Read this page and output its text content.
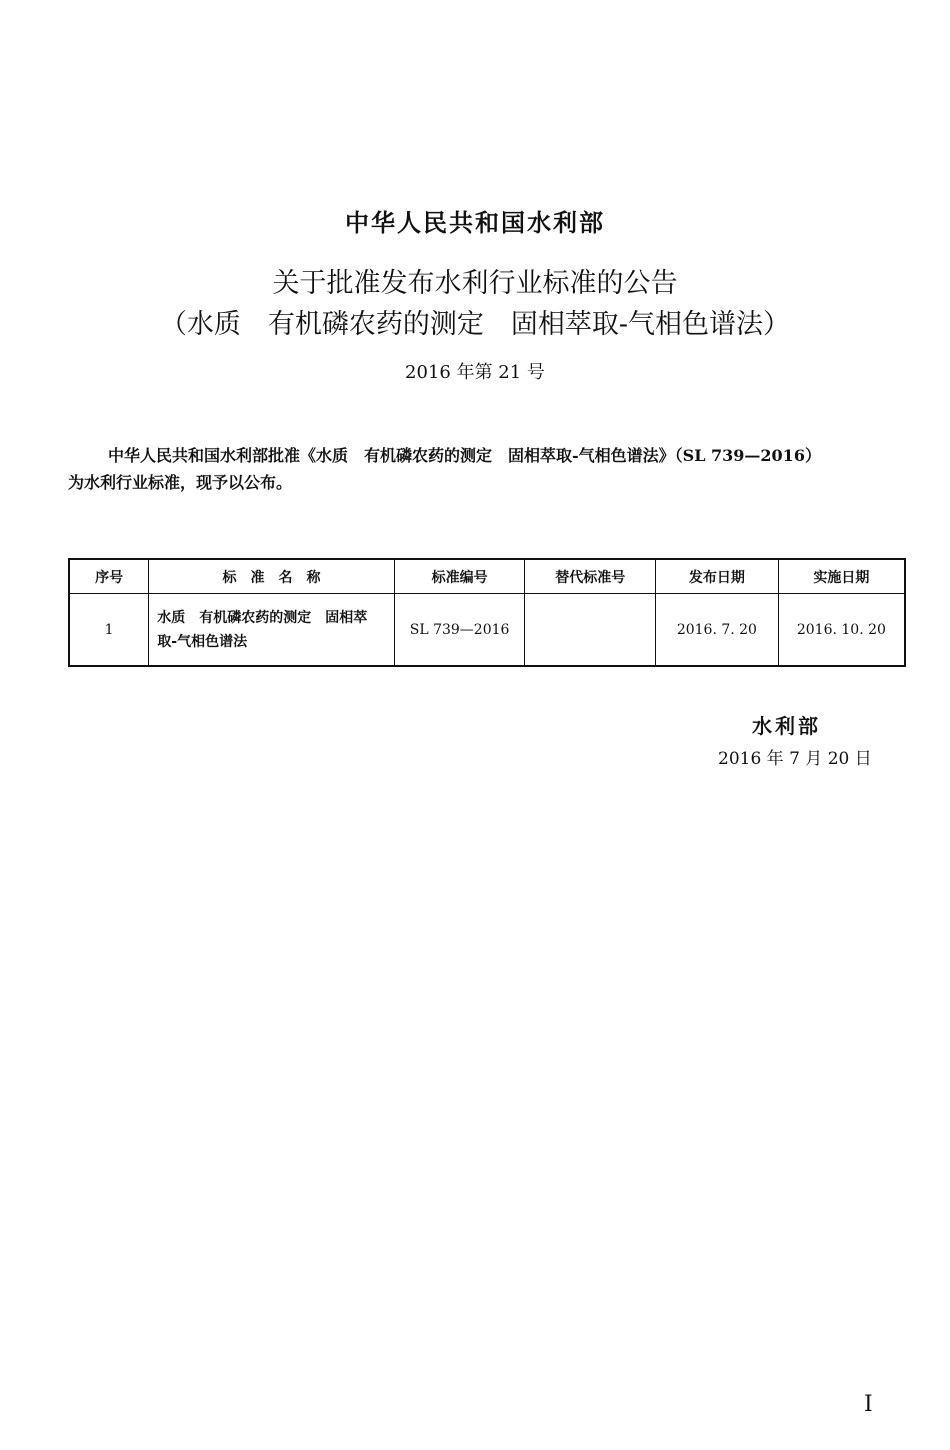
中华人民共和国水利部
关于批准发布水利行业标准的公告
（水质　有机磷农药的测定　固相萃取-气相色谱法）
2016 年第 21 号
中华人民共和国水利部批准《水质　有机磷农药的测定　固相萃取-气相色谱法》（SL 739—2016）
为水利行业标准，现予以公布。
序号	标　准　名　称	标准编号	替代标准号	发布日期	实施日期
1	水质　有机磷农药的测定　固相萃取-气相色谱法	SL 739—2016		2016. 7. 20	2016. 10. 20
水利部
2016 年 7 月 20 日
I
